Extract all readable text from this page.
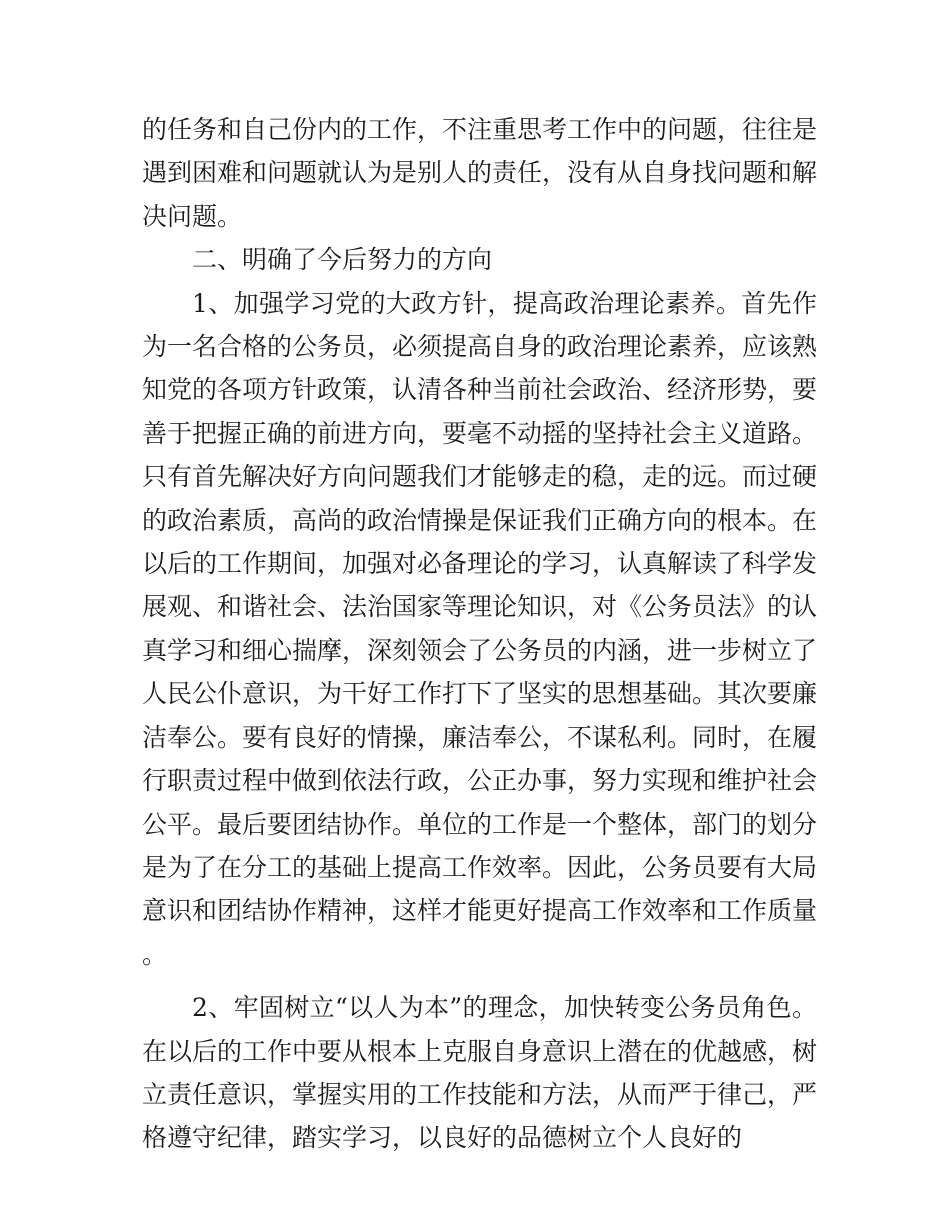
的任务和自己份内的工作，不注重思考工作中的问题，往往是遇到困难和问题就认为是别人的责任，没有从自身找问题和解决问题。

二、明确了今后努力的方向

1、加强学习党的大政方针，提高政治理论素养。首先作为一名合格的公务员，必须提高自身的政治理论素养，应该熟知党的各项方针政策，认清各种当前社会政治、经济形势，要善于把握正确的前进方向，要毫不动摇的坚持社会主义道路。只有首先解决好方向问题我们才能够走的稳，走的远。而过硬的政治素质，高尚的政治情操是保证我们正确方向的根本。在以后的工作期间，加强对必备理论的学习，认真解读了科学发展观、和谐社会、法治国家等理论知识，对《公务员法》的认真学习和细心揣摩，深刻领会了公务员的内涵，进一步树立了人民公仆意识，为干好工作打下了坚实的思想基础。其次要廉洁奉公。要有良好的情操，廉洁奉公，不谋私利。同时，在履行职责过程中做到依法行政，公正办事，努力实现和维护社会公平。最后要团结协作。单位的工作是一个整体，部门的划分是为了在分工的基础上提高工作效率。因此，公务员要有大局意识和团结协作精神，这样才能更好提高工作效率和工作质量。

2、牢固树立“以人为本”的理念，加快转变公务员角色。在以后的工作中要从根本上克服自身意识上潜在的优越感，树立责任意识，掌握实用的工作技能和方法，从而严于律己，严格遵守纪律，踏实学习，以良好的品德树立个人良好的
